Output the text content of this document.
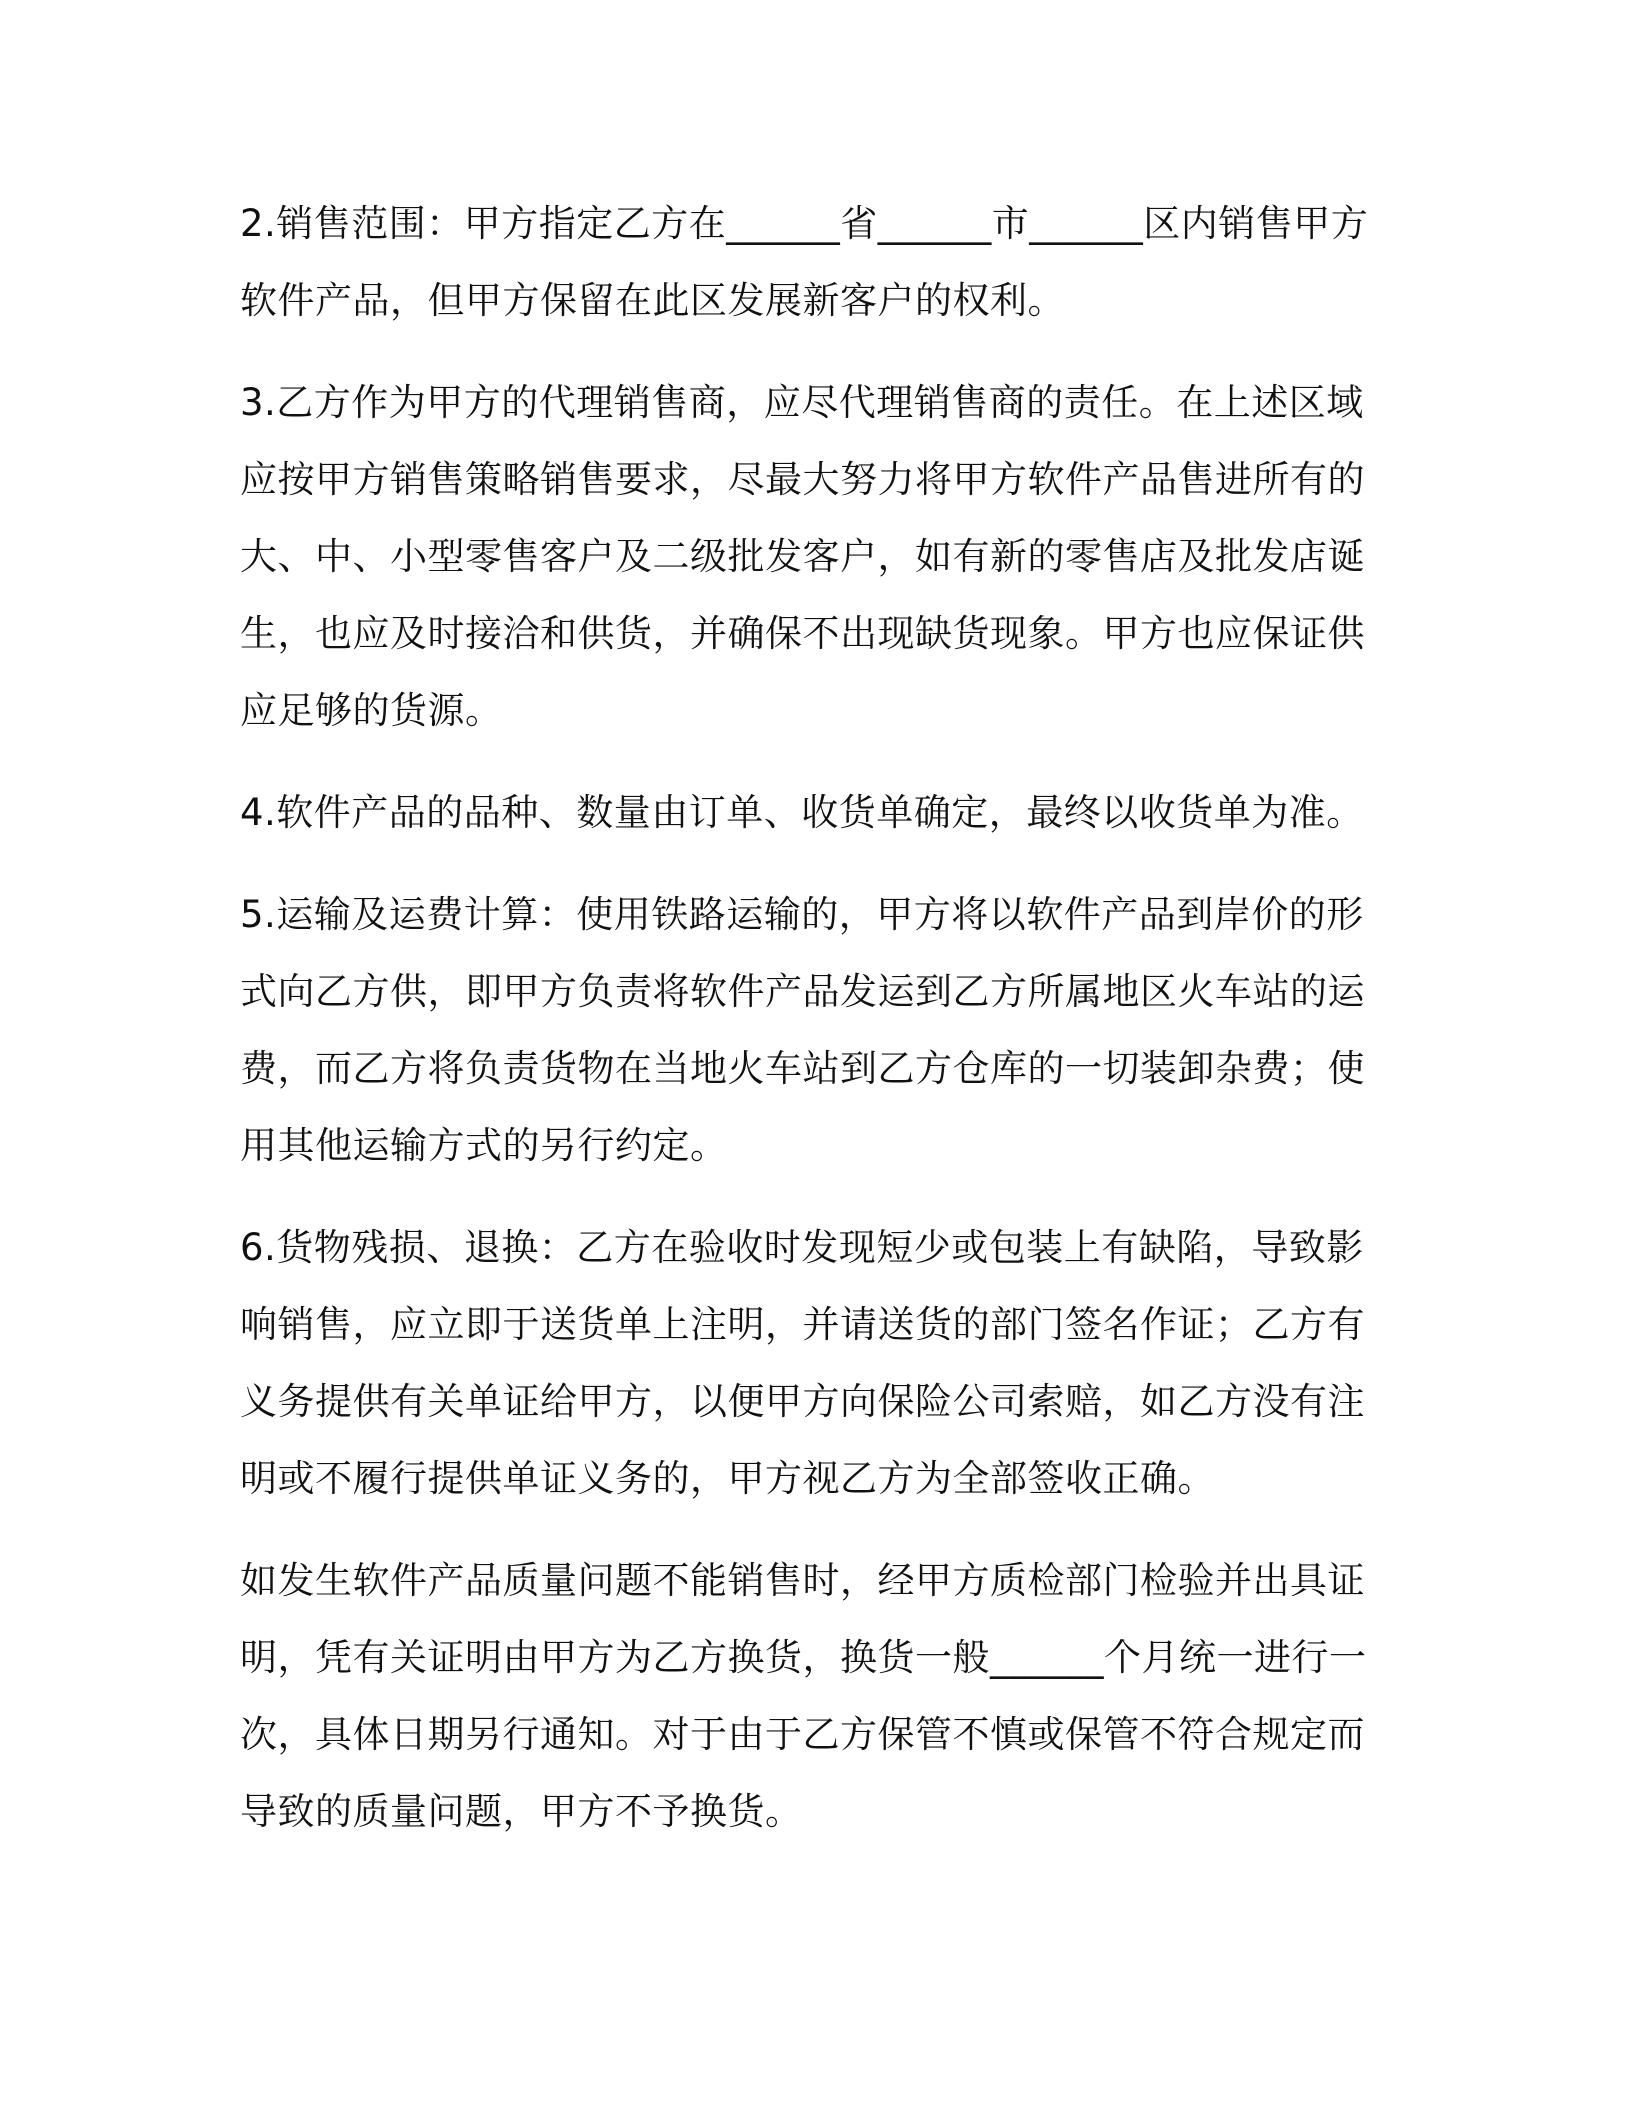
2.销售范围：甲方指定乙方在______省______市______区内销售甲方软件产品，但甲方保留在此区发展新客户的权利。

3.乙方作为甲方的代理销售商，应尽代理销售商的责任。在上述区域应按甲方销售策略销售要求，尽最大努力将甲方软件产品售进所有的大、中、小型零售客户及二级批发客户，如有新的零售店及批发店诞生，也应及时接洽和供货，并确保不出现缺货现象。甲方也应保证供应足够的货源。

4.软件产品的品种、数量由订单、收货单确定，最终以收货单为准。

5.运输及运费计算：使用铁路运输的，甲方将以软件产品到岸价的形式向乙方供，即甲方负责将软件产品发运到乙方所属地区火车站的运费，而乙方将负责货物在当地火车站到乙方仓库的一切装卸杂费；使用其他运输方式的另行约定。

6.货物残损、退换：乙方在验收时发现短少或包装上有缺陷，导致影响销售，应立即于送货单上注明，并请送货的部门签名作证；乙方有义务提供有关单证给甲方，以便甲方向保险公司索赔，如乙方没有注明或不履行提供单证义务的，甲方视乙方为全部签收正确。

如发生软件产品质量问题不能销售时，经甲方质检部门检验并出具证明，凭有关证明由甲方为乙方换货，换货一般______个月统一进行一次，具体日期另行通知。对于由于乙方保管不慎或保管不符合规定而导致的质量问题，甲方不予换货。
